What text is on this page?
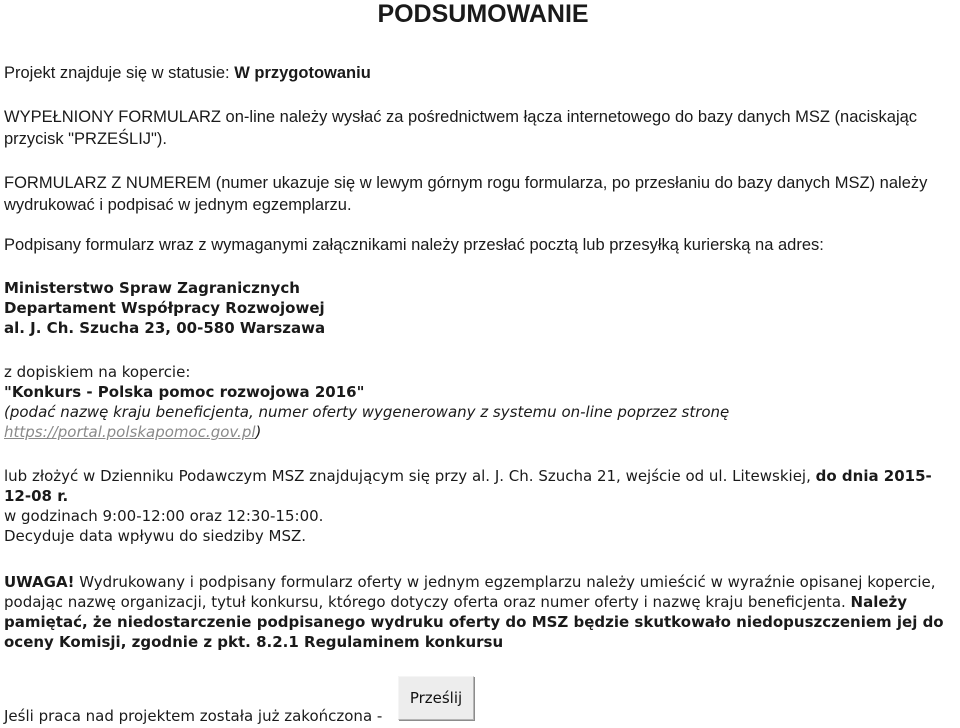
PODSUMOWANIE

Projekt znajduje się w statusie: W przygotowaniu

WYPEŁNIONY FORMULARZ on-line należy wysłać za pośrednictwem łącza internetowego do bazy danych MSZ (naciskając przycisk "PRZEŚLIJ").

FORMULARZ Z NUMEREM (numer ukazuje się w lewym górnym rogu formularza, po przesłaniu do bazy danych MSZ) należy wydrukować i podpisać w jednym egzemplarzu.

Podpisany formularz wraz z wymaganymi załącznikami należy przesłać pocztą lub przesyłką kurierską na adres:

Ministerstwo Spraw Zagranicznych
Departament Współpracy Rozwojowej
al. J. Ch. Szucha 23, 00-580 Warszawa
z dopiskiem na kopercie:
"Konkurs - Polska pomoc rozwojowa 2016"
(podać nazwę kraju beneficjenta, numer oferty wygenerowany z systemu on-line poprzez stronę https://portal.polskapomoc.gov.pl)
lub złożyć w Dzienniku Podawczym MSZ znajdującym się przy al. J. Ch. Szucha 21, wejście od ul. Litewskiej, do dnia 2015-12-08 r.
w godzinach 9:00-12:00 oraz 12:30-15:00.
Decyduje data wpływu do siedziby MSZ.
UWAGA! Wydrukowany i podpisany formularz oferty w jednym egzemplarzu należy umieścić w wyraźnie opisanej kopercie, podając nazwę organizacji, tytuł konkursu, którego dotyczy oferta oraz numer oferty i nazwę kraju beneficjenta. Należy pamiętać, że niedostarczenie podpisanego wydruku oferty do MSZ będzie skutkowało niedopuszczeniem jej do oceny Komisji, zgodnie z pkt. 8.2.1 Regulaminem konkursu

Jeśli praca nad projektem została już zakończona -

Prześlij
